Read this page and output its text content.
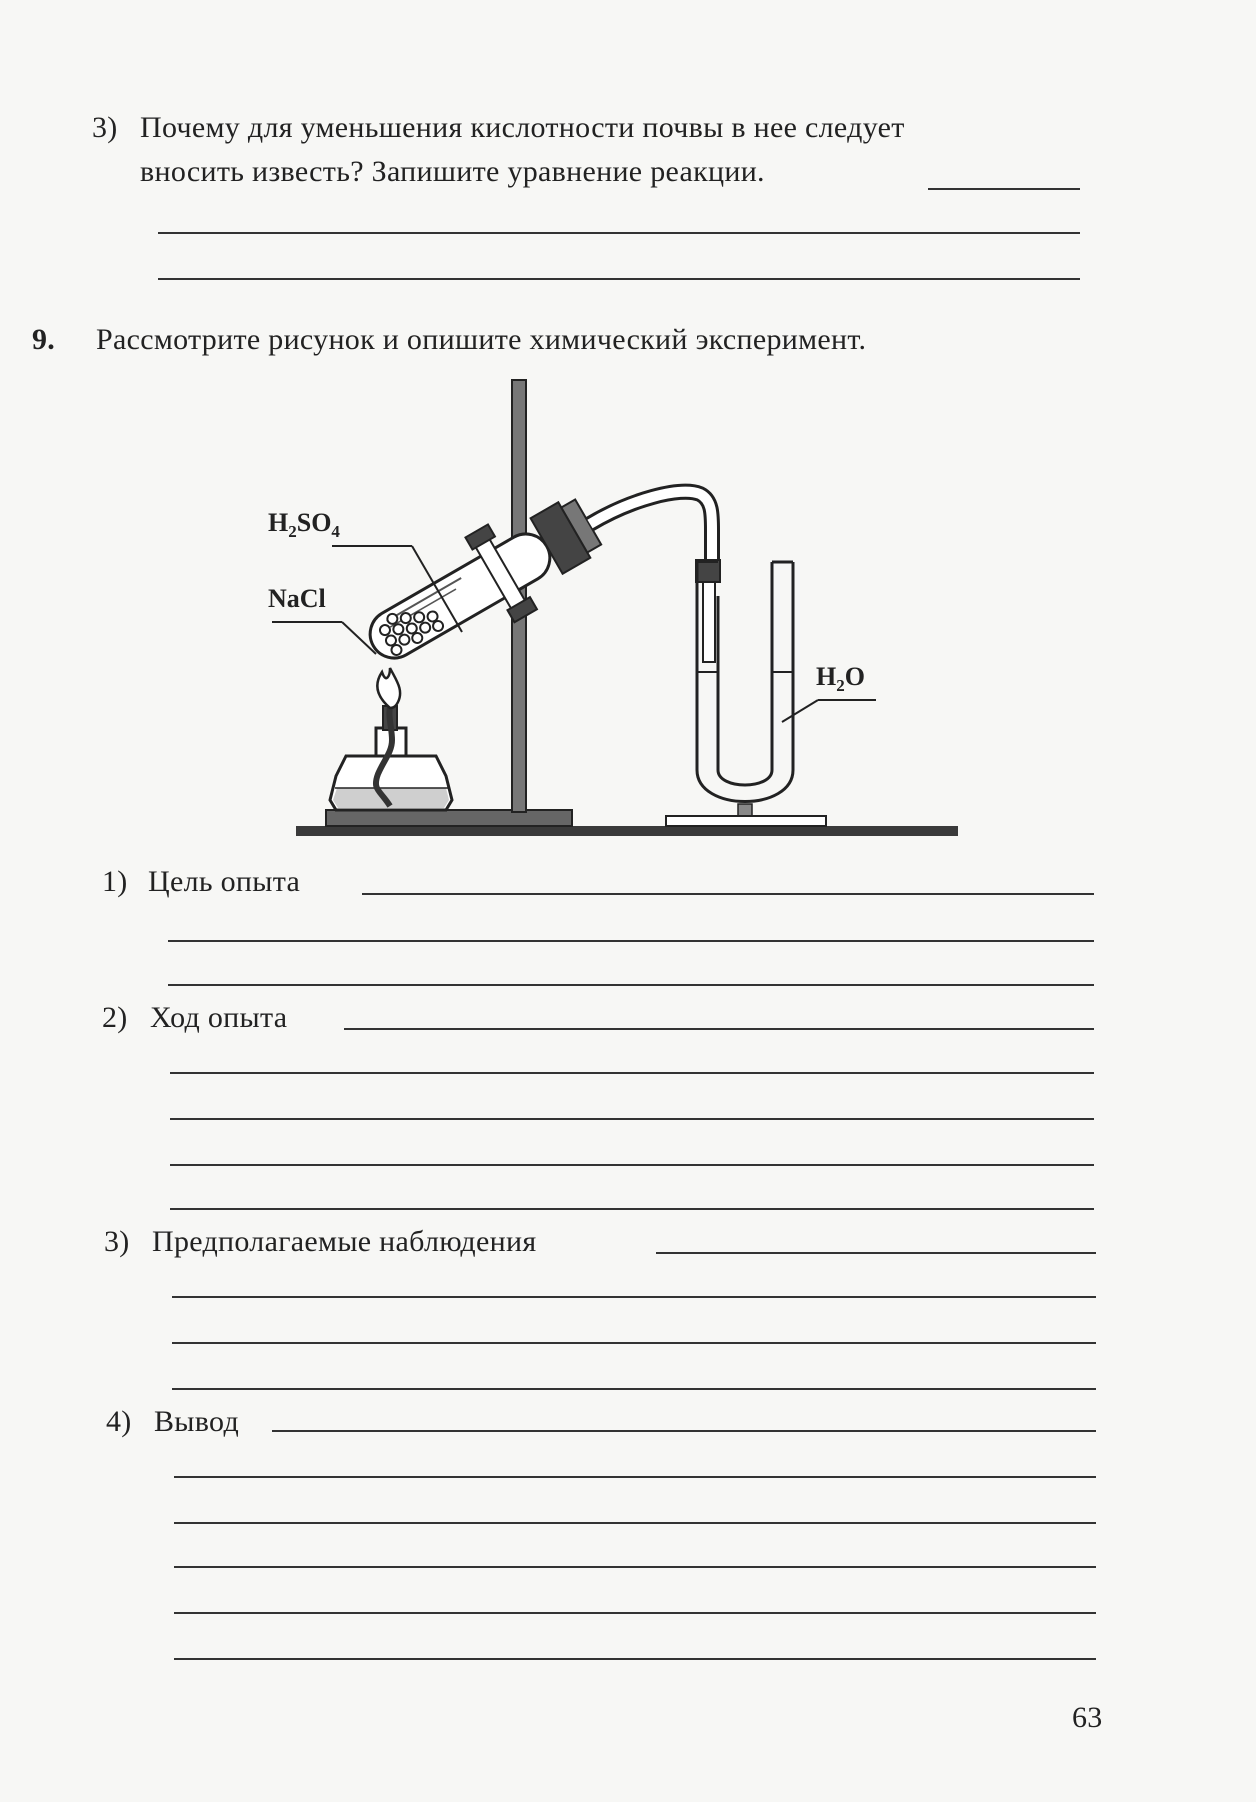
3) Почему для уменьшения кислотности почвы в нее следует
вносить известь? Запишите уравнение реакции.
9. Рассмотрите рисунок и опишите химический эксперимент.
$H_2SO_4$
NaCl
$H_2O$
1) Цель опыта
2) Ход опыта
3) Предполагаемые наблюдения
4) Вывод
63
